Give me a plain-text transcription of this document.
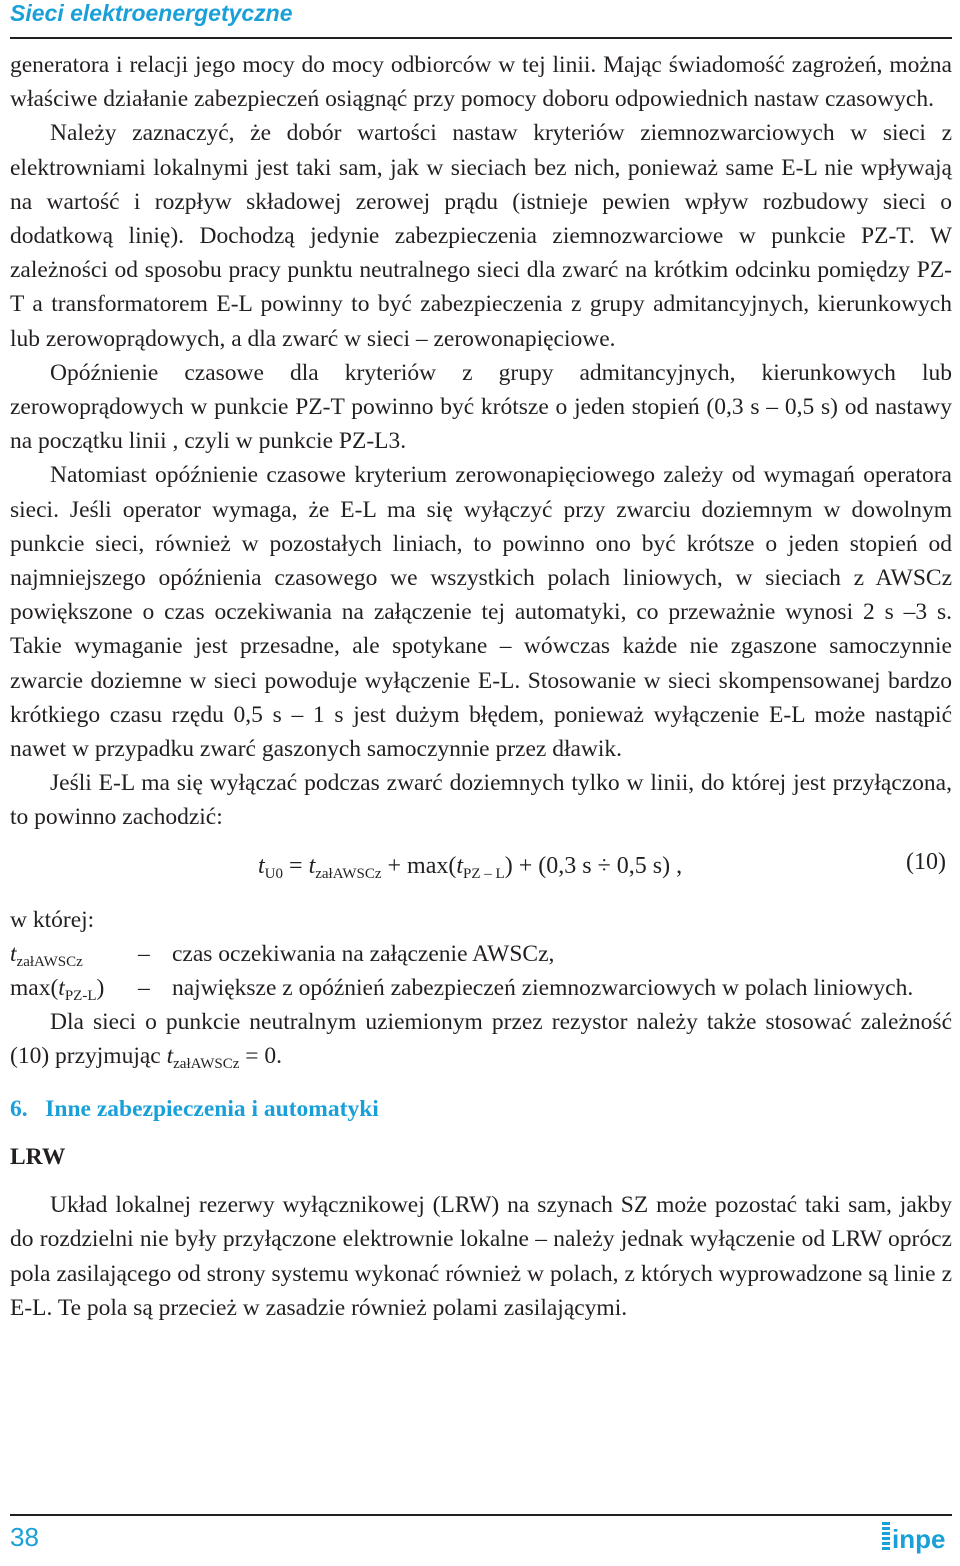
Sieci elektroenergetyczne

generatora i relacji jego mocy do mocy odbiorców w tej linii. Mając świadomość zagrożeń, można właściwe działanie zabezpieczeń osiągnąć przy pomocy doboru odpowiednich nastaw czasowych.

Należy zaznaczyć, że dobór wartości nastaw kryteriów ziemnozwarciowych w sieci z elektrowniami lokalnymi jest taki sam, jak w sieciach bez nich, ponieważ same E-L nie wpływają na wartość i rozpływ składowej zerowej prądu (istnieje pewien wpływ rozbudowy sieci o dodatkową linię). Dochodzą jedynie zabezpieczenia ziemnozwarciowe w punkcie PZ-T. W zależności od sposobu pracy punktu neutralnego sieci dla zwarć na krótkim odcinku pomiędzy PZ-T a transformatorem E-L powinny to być zabezpieczenia z grupy admitancyjnych, kierunkowych lub zerowoprądowych, a dla zwarć w sieci – zerowonapięciowe.

Opóźnienie czasowe dla kryteriów z grupy admitancyjnych, kierunkowych lub zerowoprądowych w punkcie PZ-T powinno być krótsze o jeden stopień (0,3 s – 0,5 s) od nastawy na początku linii , czyli w punkcie PZ-L3.

Natomiast opóźnienie czasowe kryterium zerowonapięciowego zależy od wymagań operatora sieci. Jeśli operator wymaga, że E-L ma się wyłączyć przy zwarciu doziemnym w dowolnym punkcie sieci, również w pozostałych liniach, to powinno ono być krótsze o jeden stopień od najmniejszego opóźnienia czasowego we wszystkich polach liniowych, w sieciach z AWSCz powiększone o czas oczekiwania na załączenie tej automatyki, co przeważnie wynosi 2 s –3 s. Takie wymaganie jest przesadne, ale spotykane – wówczas każde nie zgaszone samoczynnie zwarcie doziemne w sieci powoduje wyłączenie E-L. Stosowanie w sieci skompensowanej bardzo krótkiego czasu rzędu 0,5 s – 1 s jest dużym błędem, ponieważ wyłączenie E-L może nastąpić nawet w przypadku zwarć gaszonych samoczynnie przez dławik.

Jeśli E-L ma się wyłączać podczas zwarć doziemnych tylko w linii, do której jest przyłączona, to powinno zachodzić:

$t_{U0} = t_{załAWSCz} + \max(t_{PZ - L}) + (0,3$ s ÷ 0,5 s) ,	(10)

w której:

$t_{załAWSCz}$	– czas oczekiwania na załączenie AWSCz,
$\max(t_{PZ-L})$	– największe z opóźnień zabezpieczeń ziemnozwarciowych w polach liniowych.

Dla sieci o punkcie neutralnym uziemionym przez rezystor należy także stosować zależność (10) przyjmując $t_{załAWSCz} = 0$.

6. Inne zabezpieczenia i automatyki

LRW

Układ lokalnej rezerwy wyłącznikowej (LRW) na szynach SZ może pozostać taki sam, jakby do rozdzielni nie były przyłączone elektrownie lokalne – należy jednak wyłączenie od LRW oprócz pola zasilającego od strony systemu wykonać również w polach, z których wyprowadzone są linie z E-L. Te pola są przecież w zasadzie również polami zasilającymi.

38	inpe
